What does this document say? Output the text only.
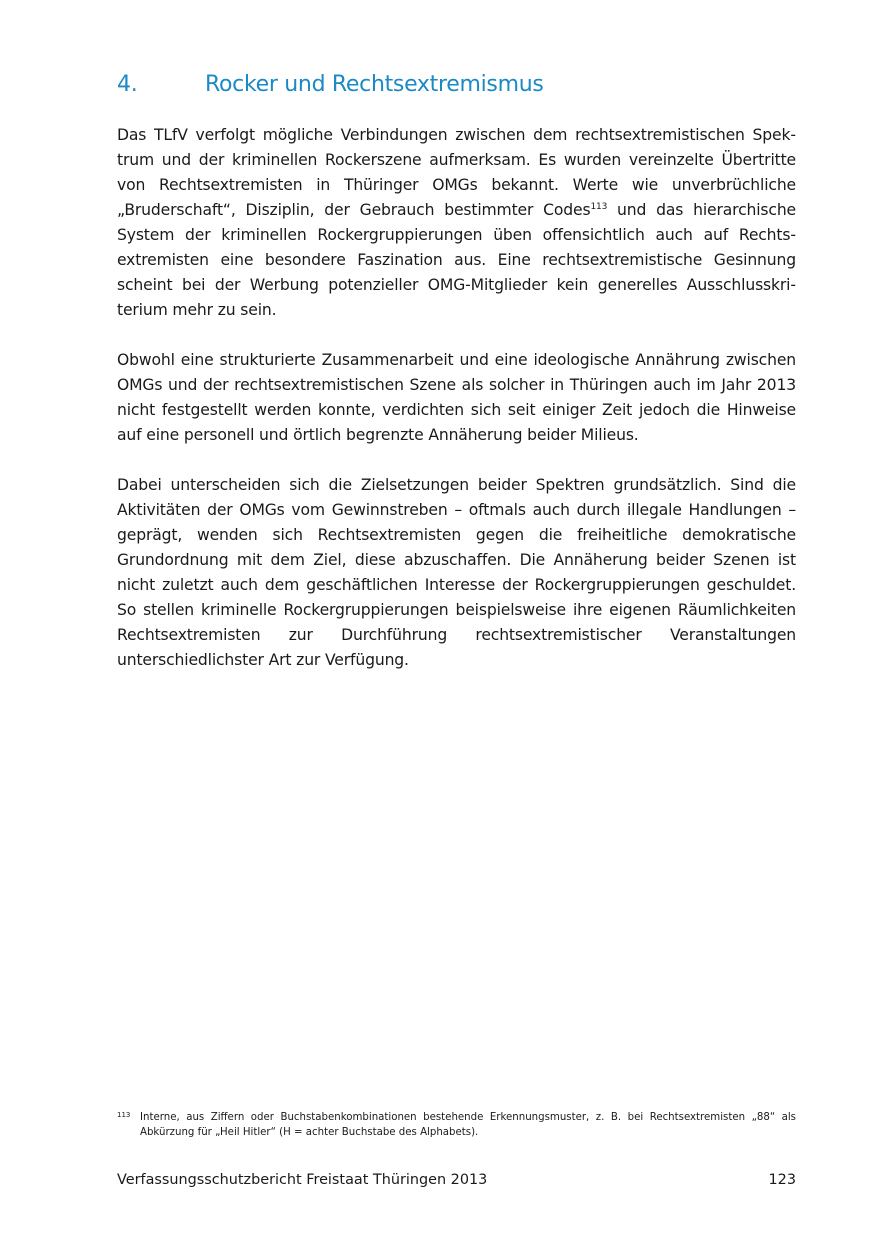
4.	Rocker und Rechtsextremismus

Das TLfV verfolgt mögliche Verbindungen zwischen dem rechtsextremistischen Spektrum und der kriminellen Rockerszene aufmerksam. Es wurden vereinzelte Übertritte von Rechtsextremisten in Thüringer OMGs bekannt. Werte wie unverbrüchliche „Bruderschaft“, Disziplin, der Gebrauch bestimmter Codes$^{113}$ und das hierarchische System der kriminellen Rockergruppierungen üben offensichtlich auch auf Rechtsextremisten eine besondere Faszination aus. Eine rechtsextremistische Gesinnung scheint bei der Werbung potenzieller OMG-Mitglieder kein generelles Ausschlusskriterium mehr zu sein.

Obwohl eine strukturierte Zusammenarbeit und eine ideologische Annährung zwischen OMGs und der rechtsextremistischen Szene als solcher in Thüringen auch im Jahr 2013 nicht festgestellt werden konnte, verdichten sich seit einiger Zeit jedoch die Hinweise auf eine personell und örtlich begrenzte Annäherung beider Milieus.

Dabei unterscheiden sich die Zielsetzungen beider Spektren grundsätzlich. Sind die Aktivitäten der OMGs vom Gewinnstreben – oftmals auch durch illegale Handlungen – geprägt, wenden sich Rechtsextremisten gegen die freiheitliche demokratische Grundordnung mit dem Ziel, diese abzuschaffen. Die Annäherung beider Szenen ist nicht zuletzt auch dem geschäftlichen Interesse der Rockergruppierungen geschuldet. So stellen kriminelle Rockergruppierungen beispielsweise ihre eigenen Räumlichkeiten Rechtsextremisten zur Durchführung rechtsextremistischer Veranstaltungen unterschiedlichster Art zur Verfügung.

113 Interne, aus Ziffern oder Buchstabenkombinationen bestehende Erkennungsmuster, z. B. bei Rechtsextremisten „88“ als Abkürzung für „Heil Hitler“ (H = achter Buchstabe des Alphabets).
Verfassungsschutzbericht Freistaat Thüringen 2013	123
